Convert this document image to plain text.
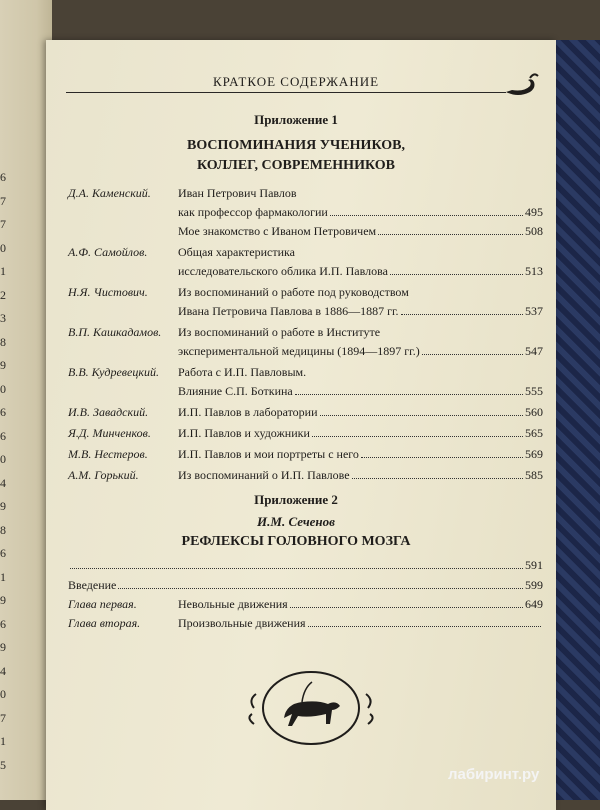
6
7
7
0
1
2
3
8
9
0
6
6
0
4
9
8
6
1
9
6
9
4
0
7
1
5
КРАТКОЕ СОДЕРЖАНИЕ
Приложение 1
ВОСПОМИНАНИЯ УЧЕНИКОВ,
КОЛЛЕГ, СОВРЕМЕННИКОВ
Д.А. Каменский. Иван Петрович Павлов
как профессор фармакологии	495
Мое знакомство с Иваном Петровичем	508
А.Ф. Самойлов.	Общая характеристика
исследовательского облика И.П. Павлова	513
Н.Я. Чистович.	Из воспоминаний о работе под руководством
Ивана Петровича Павлова в 1886—1887 гг.	537
В.П. Кашкадамов. Из воспоминаний о работе в Институте
экспериментальной медицины (1894—1897 гг.)	547
В.В. Кудревецкий. Работа с И.П. Павловым.
Влияние С.П. Боткина	555
И.В. Завадский. И.П. Павлов в лаборатории	560
Я.Д. Минченков. И.П. Павлов и художники	565
М.В. Нестеров.	И.П. Павлов и мои портреты с него	569
А.М. Горький.	Из воспоминаний о И.П. Павлове	585
Приложение 2
И.М. Сеченов
РЕФЛЕКСЫ ГОЛОВНОГО МОЗГА
591
Введение	599
Глава первая.	Невольные движения	649
Глава вторая.	Произвольные движения
лабиринт.ру
